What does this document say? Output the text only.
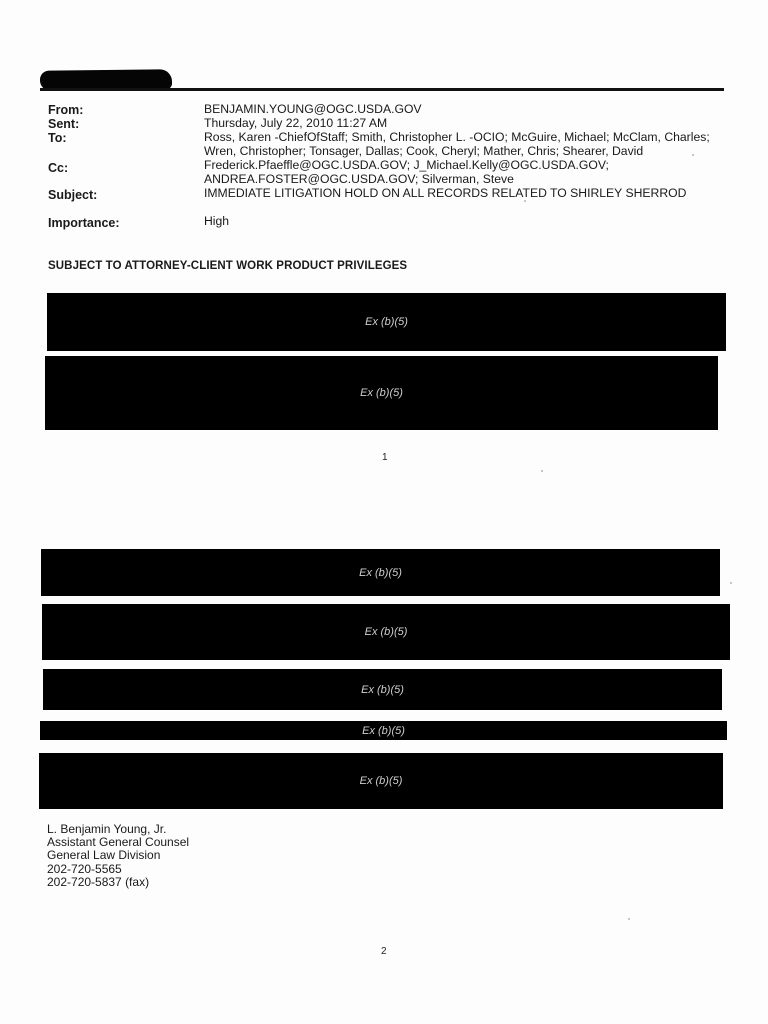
From:	BENJAMIN.YOUNG@OGC.USDA.GOV
Sent:	Thursday, July 22, 2010 11:27 AM
To:	Ross, Karen -ChiefOfStaff; Smith, Christopher L. -OCIO; McGuire, Michael; McClam, Charles;
Wren, Christopher; Tonsager, Dallas; Cook, Cheryl; Mather, Chris; Shearer, David
Cc:	Frederick.Pfaeffle@OGC.USDA.GOV; J_Michael.Kelly@OGC.USDA.GOV;
ANDREA.FOSTER@OGC.USDA.GOV; Silverman, Steve
Subject:	IMMEDIATE LITIGATION HOLD ON ALL RECORDS RELATED TO SHIRLEY SHERROD
Importance:	High
SUBJECT TO ATTORNEY-CLIENT WORK PRODUCT PRIVILEGES
Ex (b)(5)
Ex (b)(5)
1
Ex (b)(5)
Ex (b)(5)
Ex (b)(5)
Ex (b)(5)
Ex (b)(5)
L. Benjamin Young, Jr.
Assistant General Counsel
General Law Division
202-720-5565
202-720-5837 (fax)
2
